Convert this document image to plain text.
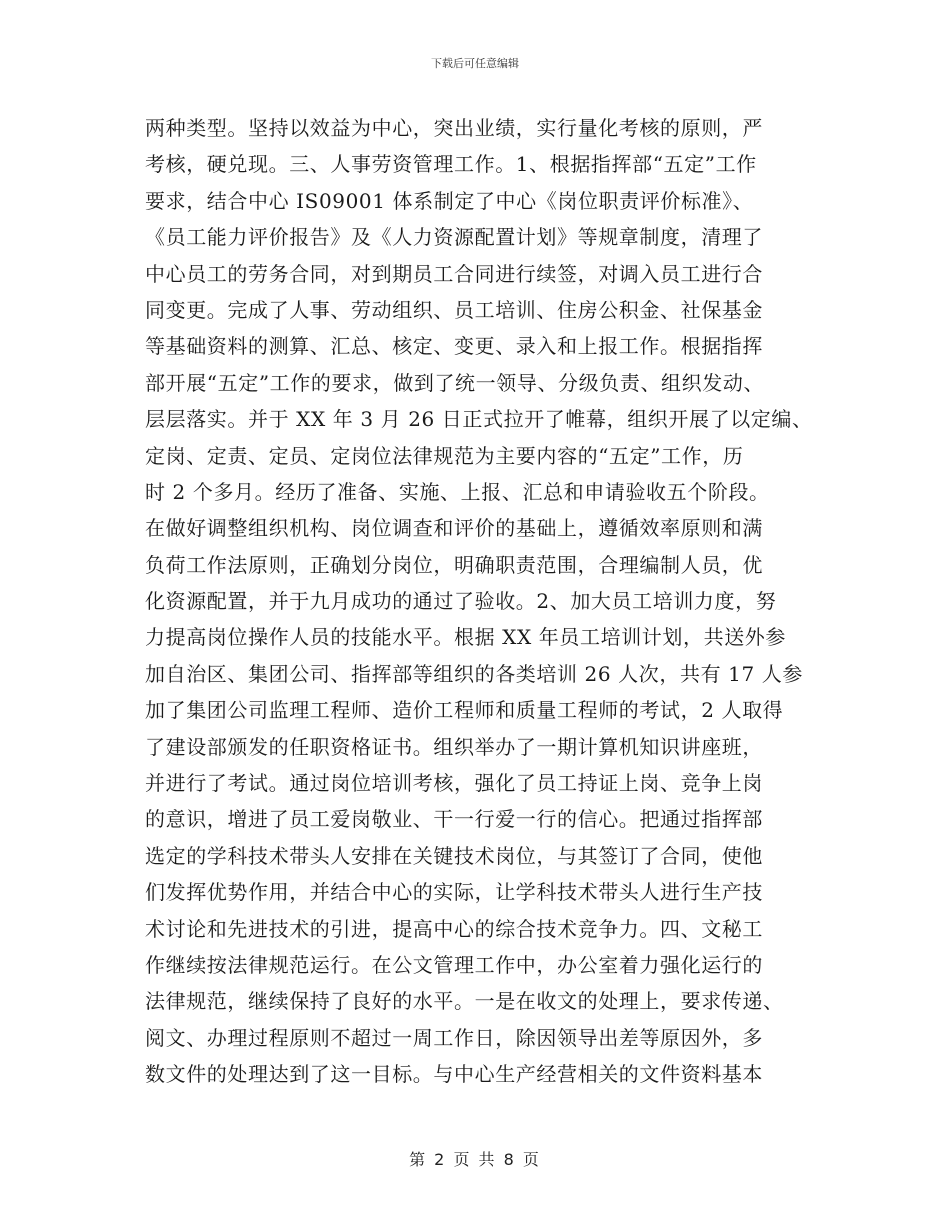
下载后可任意编辑
两种类型。坚持以效益为中心，突出业绩，实行量化考核的原则，严
考核，硬兑现。三、人事劳资管理工作。1、根据指挥部“五定”工作
要求，结合中心 IS09001 体系制定了中心《岗位职责评价标准》、
《员工能力评价报告》及《人力资源配置计划》等规章制度，清理了
中心员工的劳务合同，对到期员工合同进行续签，对调入员工进行合
同变更。完成了人事、劳动组织、员工培训、住房公积金、社保基金
等基础资料的测算、汇总、核定、变更、录入和上报工作。根据指挥
部开展“五定”工作的要求，做到了统一领导、分级负责、组织发动、
层层落实。并于 XX 年 3 月 26 日正式拉开了帷幕，组织开展了以定编、
定岗、定责、定员、定岗位法律规范为主要内容的“五定”工作，历
时 2 个多月。经历了准备、实施、上报、汇总和申请验收五个阶段。
在做好调整组织机构、岗位调查和评价的基础上，遵循效率原则和满
负荷工作法原则，正确划分岗位，明确职责范围，合理编制人员，优
化资源配置，并于九月成功的通过了验收。2、加大员工培训力度，努
力提高岗位操作人员的技能水平。根据 XX 年员工培训计划，共送外参
加自治区、集团公司、指挥部等组织的各类培训 26 人次，共有 17 人参
加了集团公司监理工程师、造价工程师和质量工程师的考试，2 人取得
了建设部颁发的任职资格证书。组织举办了一期计算机知识讲座班，
并进行了考试。通过岗位培训考核，强化了员工持证上岗、竞争上岗
的意识，增进了员工爱岗敬业、干一行爱一行的信心。把通过指挥部
选定的学科技术带头人安排在关键技术岗位，与其签订了合同，使他
们发挥优势作用，并结合中心的实际，让学科技术带头人进行生产技
术讨论和先进技术的引进，提高中心的综合技术竞争力。四、文秘工
作继续按法律规范运行。在公文管理工作中，办公室着力强化运行的
法律规范，继续保持了良好的水平。一是在收文的处理上，要求传递、
阅文、办理过程原则不超过一周工作日，除因领导出差等原因外，多
数文件的处理达到了这一目标。与中心生产经营相关的文件资料基本
第 2 页 共 8 页
